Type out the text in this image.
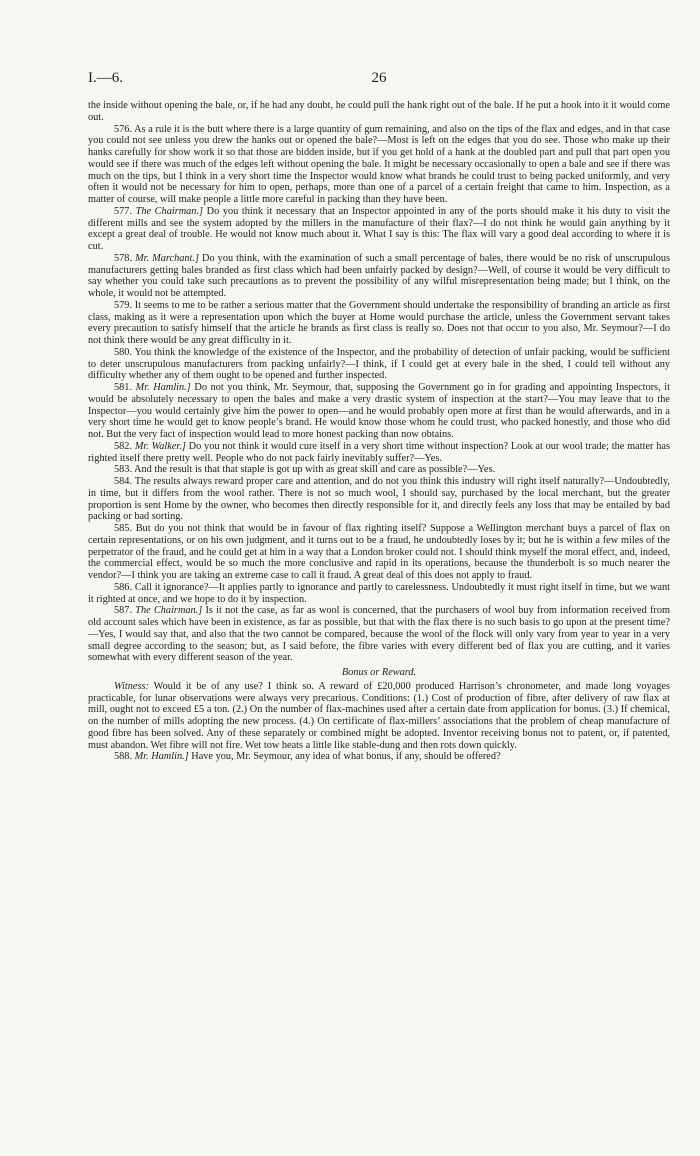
I.—6.	26

the inside without opening the bale, or, if he had any doubt, he could pull the hank right out of the bale. If he put a hook into it it would come out.

576. As a rule it is the butt where there is a large quantity of gum remaining, and also on the tips of the flax and edges, and in that case you could not see unless you drew the hanks out or opened the bale?—Most is left on the edges that you do see. Those who make up their hanks carefully for show work it so that those are bidden inside, but if you get hold of a hank at the doubled part and pull that part open you would see if there was much of the edges left without opening the bale. It might be necessary occasionally to open a bale and see if there was much on the tips, but I think in a very short time the Inspector would know what brands he could trust to being packed uniformly, and very often it would not be necessary for him to open, perhaps, more than one of a parcel of a certain freight that came to him. Inspection, as a matter of course, will make people a little more careful in packing than they have been.

577. The Chairman.] Do you think it necessary that an Inspector appointed in any of the ports should make it his duty to visit the different mills and see the system adopted by the millers in the manufacture of their flax?—I do not think he would gain anything by it except a great deal of trouble. He would not know much about it. What I say is this: The flax will vary a good deal according to where it is cut.

578. Mr. Marchant.] Do you think, with the examination of such a small percentage of bales, there would be no risk of unscrupulous manufacturers getting bales branded as first class which had been unfairly packed by design?—Well, of course it would be very difficult to say whether you could take such precautions as to prevent the possibility of any wilful misrepresentation being made; but I think, on the whole, it would not be attempted.

579. It seems to me to be rather a serious matter that the Government should undertake the responsibility of branding an article as first class, making as it were a representation upon which the buyer at Home would purchase the article, unless the Government servant takes every precaution to satisfy himself that the article he brands as first class is really so. Does not that occur to you also, Mr. Seymour?—I do not think there would be any great difficulty in it.

580. You think the knowledge of the existence of the Inspector, and the probability of detection of unfair packing, would be sufficient to deter unscrupulous manufacturers from packing unfairly?—I think, if I could get at every bale in the shed, I could tell without any difficulty whether any of them ought to be opened and further inspected.

581. Mr. Hamlin.] Do not you think, Mr. Seymour, that, supposing the Government go in for grading and appointing Inspectors, it would be absolutely necessary to open the bales and make a very drastic system of inspection at the start?—You may leave that to the Inspector—you would certainly give him the power to open—and he would probably open more at first than he would afterwards, and in a very short time he would get to know people’s brand. He would know those whom he could trust, who packed honestly, and those who did not. But the very fact of inspection would lead to more honest packing than now obtains.

582. Mr. Walker.] Do you not think it would cure itself in a very short time without inspection? Look at our wool trade; the matter has righted itself there pretty well. People who do not pack fairly inevitably suffer?—Yes.

583. And the result is that that staple is got up with as great skill and care as possible?—Yes.

584. The results always reward proper care and attention, and do not you think this industry will right itself naturally?—Undoubtedly, in time, but it differs from the wool rather. There is not so much wool, I should say, purchased by the local merchant, but the greater proportion is sent Home by the owner, who becomes then directly responsible for it, and directly feels any loss that may be entailed by bad packing or bad sorting.

585. But do you not think that would be in favour of flax righting itself? Suppose a Wellington merchant buys a parcel of flax on certain representations, or on his own judgment, and it turns out to be a fraud, he undoubtedly loses by it; but he is within a few miles of the perpetrator of the fraud, and he could get at him in a way that a London broker could not. I should think myself the moral effect, and, indeed, the commercial effect, would be so much the more conclusive and rapid in its operations, because the thunderbolt is so much nearer the vendor?—I think you are taking an extreme case to call it fraud. A great deal of this does not apply to fraud.

586. Call it ignorance?—It applies partly to ignorance and partly to carelessness. Undoubtedly it must right itself in time, but we want it righted at once, and we hope to do it by inspection.

587. The Chairman.] Is it not the case, as far as wool is concerned, that the purchasers of wool buy from information received from old account sales which have been in existence, as far as possible, but that with the flax there is no such basis to go upon at the present time?—Yes, I would say that, and also that the two cannot be compared, because the wool of the flock will only vary from year to year in a very small degree according to the season; but, as I said before, the fibre varies with every different bed of flax you are cutting, and it varies somewhat with every different season of the year.

Bonus or Reward.

Witness: Would it be of any use? I think so. A reward of £20,000 produced Harrison’s chronometer, and made long voyages practicable, for lunar observations were always very precarious. Conditions: (1.) Cost of production of fibre, after delivery of raw flax at mill, ought not to exceed £5 a ton. (2.) On the number of flax-machines used after a certain date from application for bonus. (3.) If chemical, on the number of mills adopting the new process. (4.) On certificate of flax-millers’ associations that the problem of cheap manufacture of good fibre has been solved. Any of these separately or combined might be adopted. Inventor receiving bonus not to patent, or, if patented, must abandon. Wet fibre will not fire. Wet tow heats a little like stable-dung and then rots down quickly.

588. Mr. Hamlin.] Have you, Mr. Seymour, any idea of what bonus, if any, should be offered?
